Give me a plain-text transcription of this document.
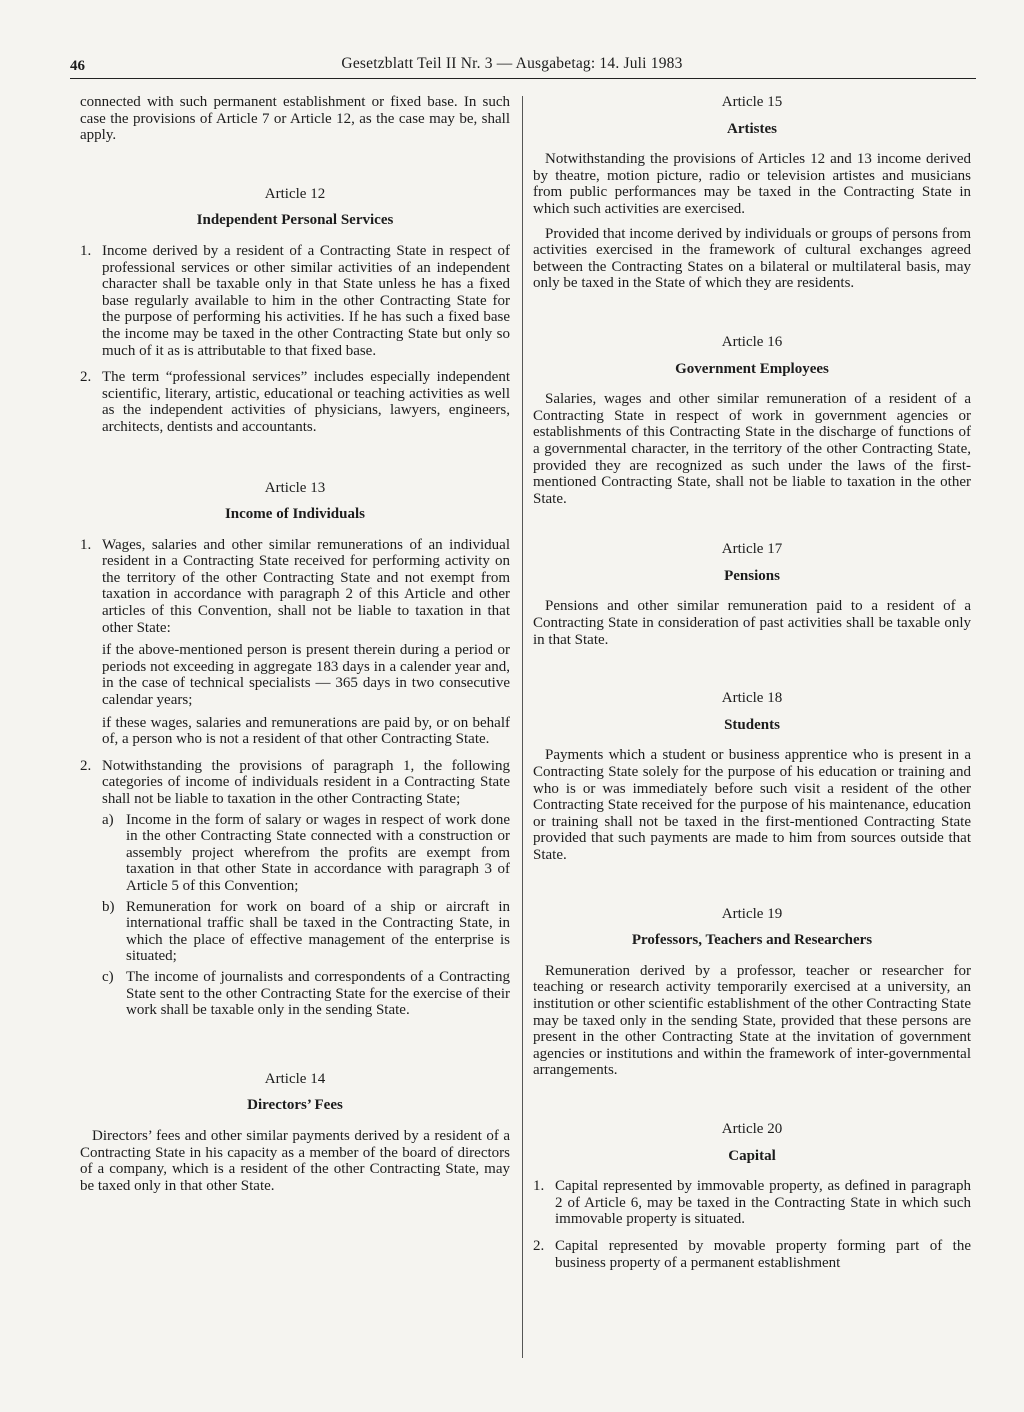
46	Gesetzblatt Teil II Nr. 3 — Ausgabetag: 14. Juli 1983

connected with such permanent establishment or fixed base. In such case the provisions of Article 7 or Article 12, as the case may be, shall apply.

Article 12
Independent Personal Services
1. Income derived by a resident of a Contracting State in respect of professional services or other similar activities of an independent character shall be taxable only in that State unless he has a fixed base regularly available to him in the other Contracting State for the purpose of performing his activities. If he has such a fixed base the income may be taxed in the other Contracting State but only so much of it as is attributable to that fixed base.
2. The term “professional services” includes especially independent scientific, literary, artistic, educational or teaching activities as well as the independent activities of physicians, lawyers, engineers, architects, dentists and accountants.
Article 13
Income of Individuals
1. Wages, salaries and other similar remunerations of an individual resident in a Contracting State received for performing activity on the territory of the other Contracting State and not exempt from taxation in accordance with paragraph 2 of this Article and other articles of this Convention, shall not be liable to taxation in that other State:

if the above-mentioned person is present therein during a period or periods not exceeding in aggregate 183 days in a calender year and, in the case of technical specialists — 365 days in two consecutive calendar years;

if these wages, salaries and remunerations are paid by, or on behalf of, a person who is not a resident of that other Contracting State.

2. Notwithstanding the provisions of paragraph 1, the following categories of income of individuals resident in a Contracting State shall not be liable to taxation in the other Contracting State;

a) Income in the form of salary or wages in respect of work done in the other Contracting State connected with a construction or assembly project wherefrom the profits are exempt from taxation in that other State in accordance with paragraph 3 of Article 5 of this Convention;
b) Remuneration for work on board of a ship or aircraft in international traffic shall be taxed in the Contracting State, in which the place of effective management of the enterprise is situated;
c) The income of journalists and correspondents of a Contracting State sent to the other Contracting State for the exercise of their work shall be taxable only in the sending State.
Article 14
Directors’ Fees

Directors’ fees and other similar payments derived by a resident of a Contracting State in his capacity as a member of the board of directors of a company, which is a resident of the other Contracting State, may be taxed only in that other State.

Article 15
Artistes

Notwithstanding the provisions of Articles 12 and 13 income derived by theatre, motion picture, radio or television artistes and musicians from public performances may be taxed in the Contracting State in which such activities are exercised.

Provided that income derived by individuals or groups of persons from activities exercised in the framework of cultural exchanges agreed between the Contracting States on a bilateral or multilateral basis, may only be taxed in the State of which they are residents.

Article 16
Government Employees

Salaries, wages and other similar remuneration of a resident of a Contracting State in respect of work in government agencies or establishments of this Contracting State in the discharge of functions of a governmental character, in the territory of the other Contracting State, provided they are recognized as such under the laws of the first-mentioned Contracting State, shall not be liable to taxation in the other State.

Article 17
Pensions

Pensions and other similar remuneration paid to a resident of a Contracting State in consideration of past activities shall be taxable only in that State.

Article 18
Students

Payments which a student or business apprentice who is present in a Contracting State solely for the purpose of his education or training and who is or was immediately before such visit a resident of the other Contracting State received for the purpose of his maintenance, education or training shall not be taxed in the first-mentioned Contracting State provided that such payments are made to him from sources outside that State.

Article 19
Professors, Teachers and Researchers

Remuneration derived by a professor, teacher or researcher for teaching or research activity temporarily exercised at a university, an institution or other scientific establishment of the other Contracting State may be taxed only in the sending State, provided that these persons are present in the other Contracting State at the invitation of government agencies or institutions and within the framework of inter-governmental arrangements.

Article 20
Capital
1. Capital represented by immovable property, as defined in paragraph 2 of Article 6, may be taxed in the Contracting State in which such immovable property is situated.
2. Capital represented by movable property forming part of the business property of a permanent establishment
